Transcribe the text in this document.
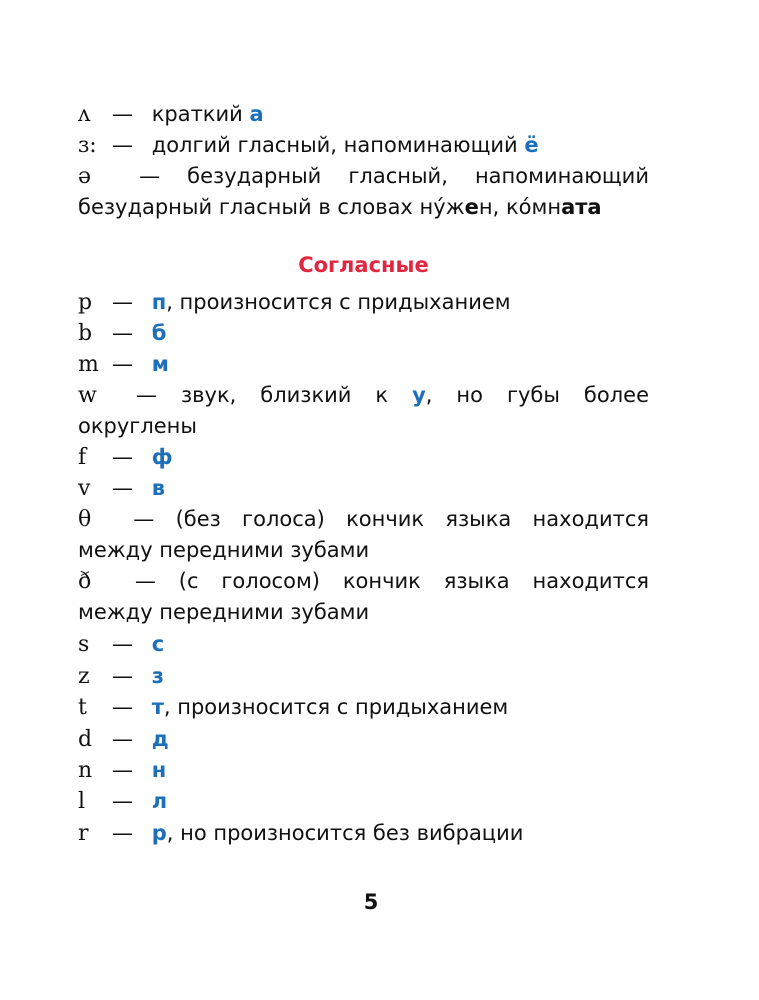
ʌ — краткий а
ɜ: — долгий гласный, напоминающий ё
ə — безударный гласный, напоминающий
безударный гласный в словах ну́жен, ко́мната
Согласные
p — п, произносится с придыханием
b — б
m — м
w — звук, близкий к у, но губы более
округлены
f — ф
v — в
θ — (без голоса) кончик языка находится
между передними зубами
ð — (с голосом) кончик языка находится
между передними зубами
s — с
z — з
t — т, произносится с придыханием
d — д
n — н
l — л
r — р, но произносится без вибрации
5
